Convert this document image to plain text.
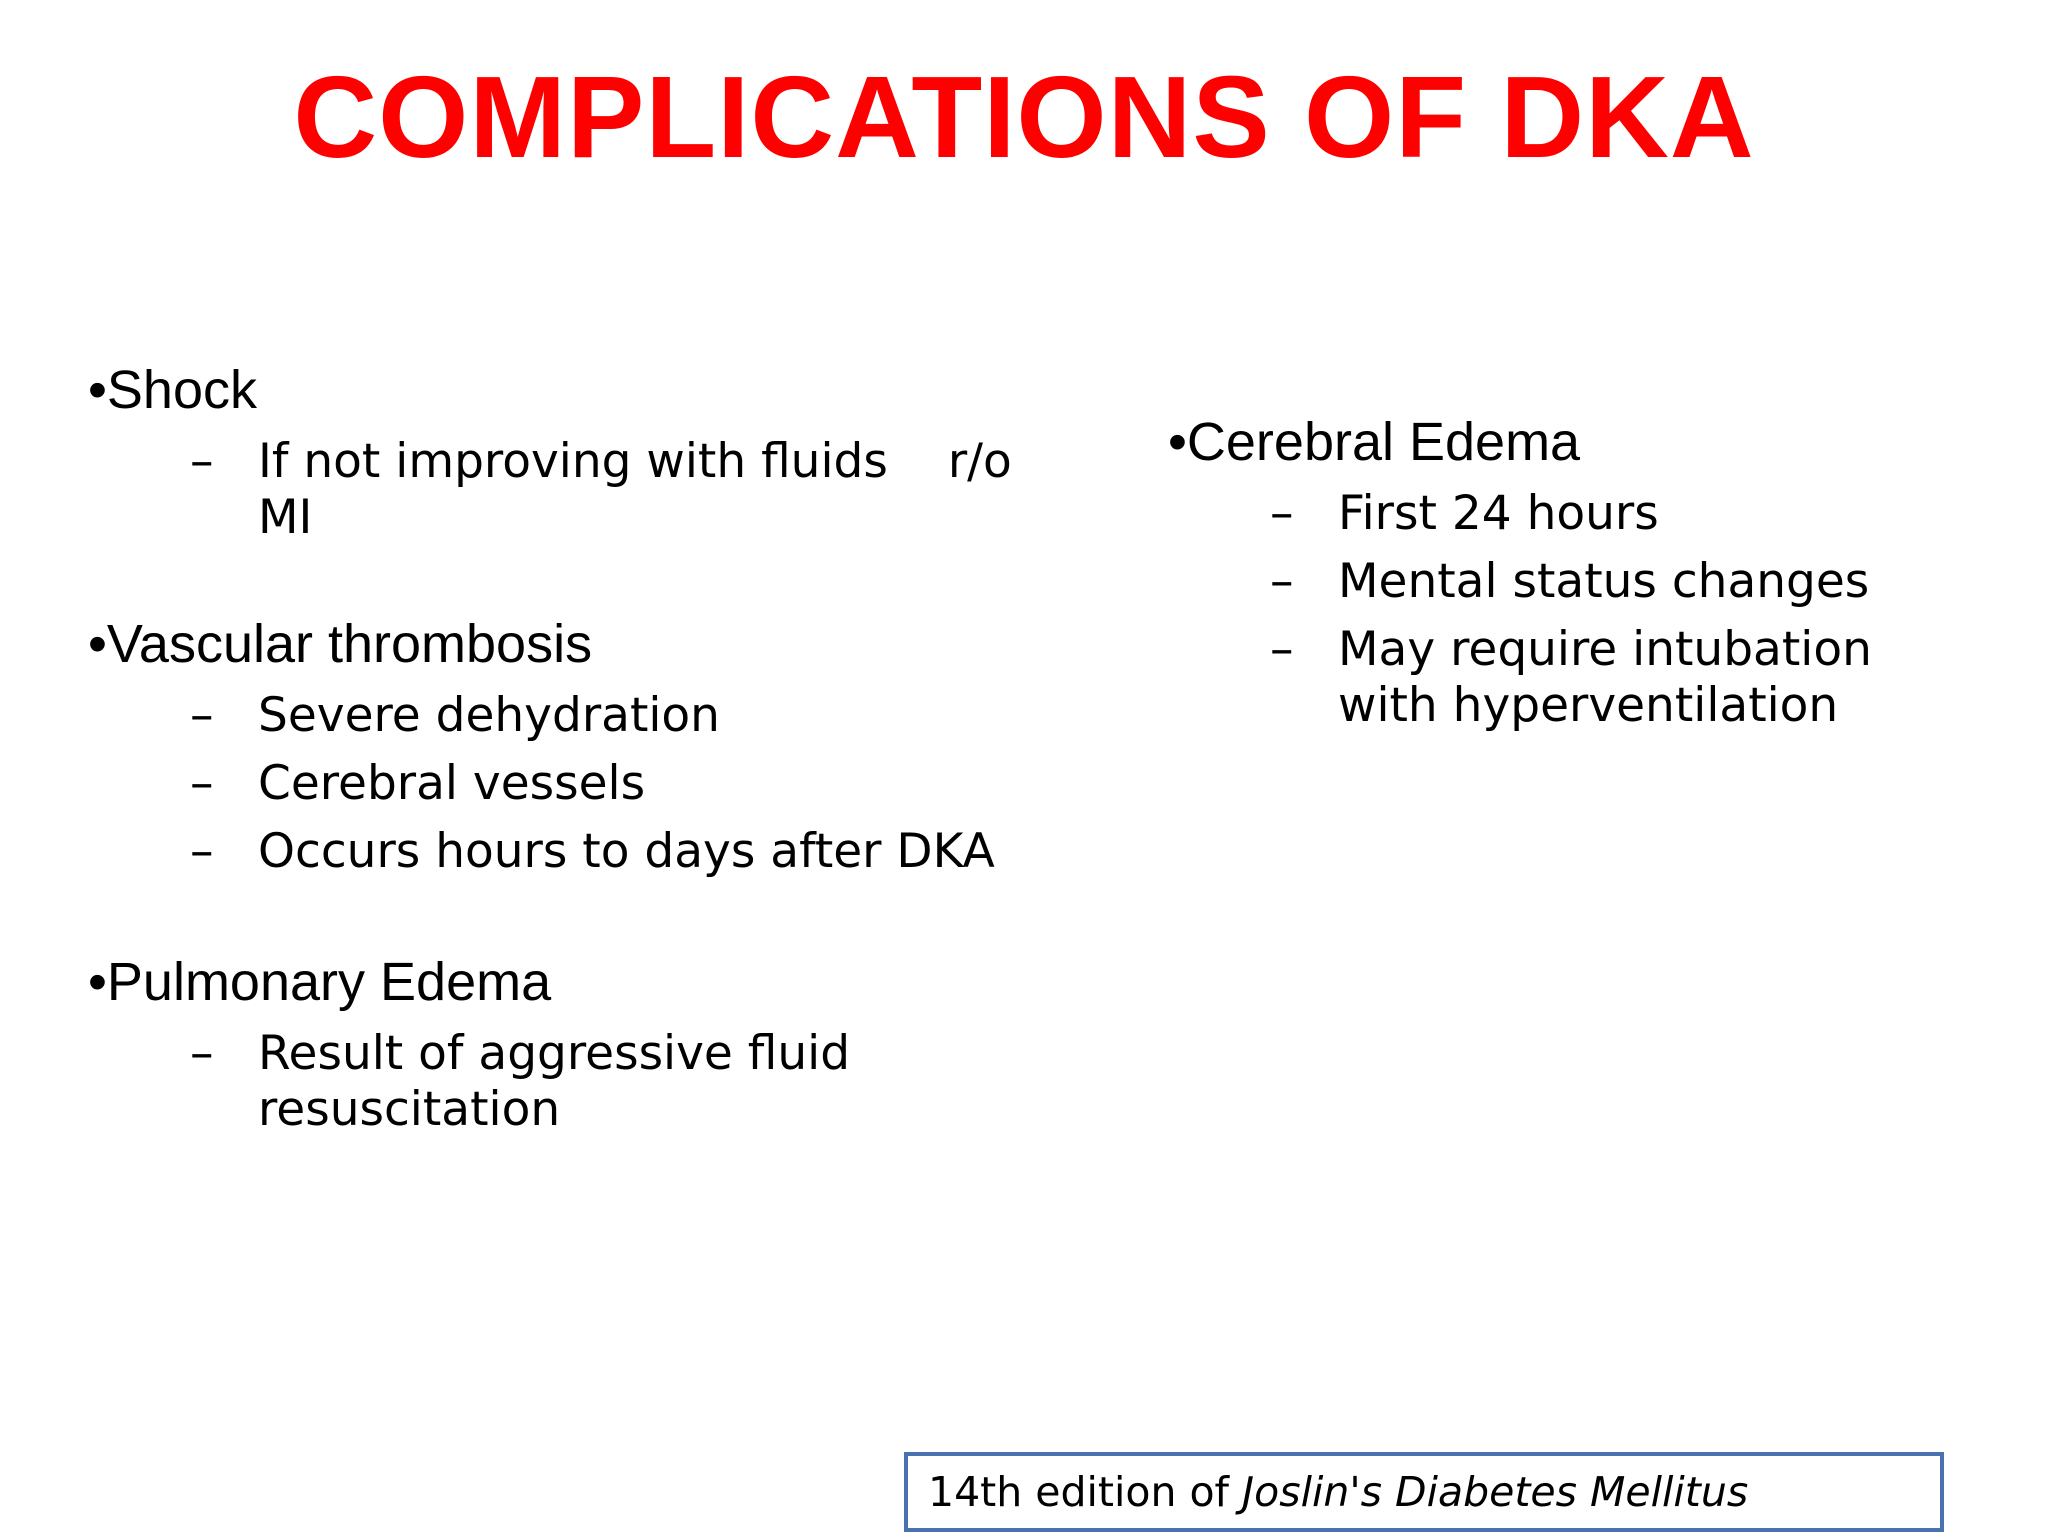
COMPLICATIONS OF DKA
•Shock
– If not improving with fluids r/o
MI
•Vascular thrombosis
– Severe dehydration
– Cerebral vessels
– Occurs hours to days after DKA
•Pulmonary Edema
– Result of aggressive fluid
resuscitation
•Cerebral Edema
– First 24 hours
– Mental status changes
– May require intubation
with hyperventilation
14th edition of Joslin's Diabetes Mellitus
